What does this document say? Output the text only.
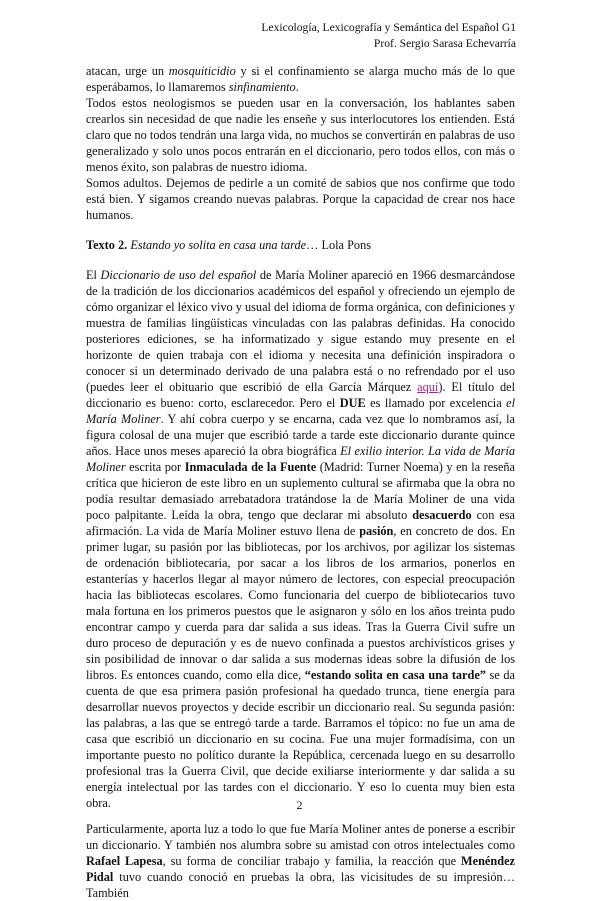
Lexicología, Lexicografía y Semántica del Español G1
Prof. Sergio Sarasa Echevarría

atacan, urge un mosquiticidio y si el confinamiento se alarga mucho más de lo que esperábamos, lo llamaremos sinfinamiento.

Todos estos neologismos se pueden usar en la conversación, los hablantes saben crearlos sin necesidad de que nadie les enseñe y sus interlocutores los entienden. Está claro que no todos tendrán una larga vida, no muchos se convertirán en palabras de uso generalizado y solo unos pocos entrarán en el diccionario, pero todos ellos, con más o menos éxito, son palabras de nuestro idioma.

Somos adultos. Dejemos de pedirle a un comité de sabios que nos confirme que todo está bien. Y sigamos creando nuevas palabras. Porque la capacidad de crear nos hace humanos.

Texto 2. Estando yo solita en casa una tarde… Lola Pons

El Diccionario de uso del español de María Moliner apareció en 1966 desmarcándose de la tradición de los diccionarios académicos del español y ofreciendo un ejemplo de cómo organizar el léxico vivo y usual del idioma de forma orgánica, con definiciones y muestra de familias lingüísticas vinculadas con las palabras definidas. Ha conocido posteriores ediciones, se ha informatizado y sigue estando muy presente en el horizonte de quien trabaja con el idioma y necesita una definición inspiradora o conocer si un determinado derivado de una palabra está o no refrendado por el uso (puedes leer el obituario que escribió de ella García Márquez aquí). El título del diccionario es bueno: corto, esclarecedor. Pero el DUE es llamado por excelencia el María Moliner. Y ahí cobra cuerpo y se encarna, cada vez que lo nombramos así, la figura colosal de una mujer que escribió tarde a tarde este diccionario durante quince años. Hace unos meses apareció la obra biográfica El exilio interior. La vida de María Moliner escrita por Inmaculada de la Fuente (Madrid: Turner Noema) y en la reseña crítica que hicieron de este libro en un suplemento cultural se afirmaba que la obra no podía resultar demasiado arrebatadora tratándose la de María Moliner de una vida poco palpitante. Leída la obra, tengo que declarar mi absoluto desacuerdo con esa afirmación. La vida de María Moliner estuvo llena de pasión, en concreto de dos. En primer lugar, su pasión por las bibliotecas, por los archivos, por agilizar los sistemas de ordenación bibliotecaria, por sacar a los libros de los armarios, ponerlos en estanterías y hacerlos llegar al mayor número de lectores, con especial preocupación hacia las bibliotecas escolares. Como funcionaria del cuerpo de bibliotecarios tuvo mala fortuna en los primeros puestos que le asignaron y sólo en los años treinta pudo encontrar campo y cuerda para dar salida a sus ideas. Tras la Guerra Civil sufre un duro proceso de depuración y es de nuevo confinada a puestos archivísticos grises y sin posibilidad de innovar o dar salida a sus modernas ideas sobre la difusión de los libros. Es entonces cuando, como ella dice, “estando solita en casa una tarde” se da cuenta de que esa primera pasión profesional ha quedado trunca, tiene energía para desarrollar nuevos proyectos y decide escribir un diccionario real. Su segunda pasión: las palabras, a las que se entregó tarde a tarde. Barramos el tópico: no fue un ama de casa que escribió un diccionario en su cocina. Fue una mujer formadísima, con un importante puesto no político durante la República, cercenada luego en su desarrollo profesional tras la Guerra Civil, que decide exiliarse interiormente y dar salida a su energía intelectual por las tardes con el diccionario. Y eso lo cuenta muy bien esta obra.

Particularmente, aporta luz a todo lo que fue María Moliner antes de ponerse a escribir un diccionario. Y también nos alumbra sobre su amistad con otros intelectuales como Rafael Lapesa, su forma de conciliar trabajo y familia, la reacción que Menéndez Pidal tuvo cuando conoció en pruebas la obra, las vicisitudes de su impresión… También

2
